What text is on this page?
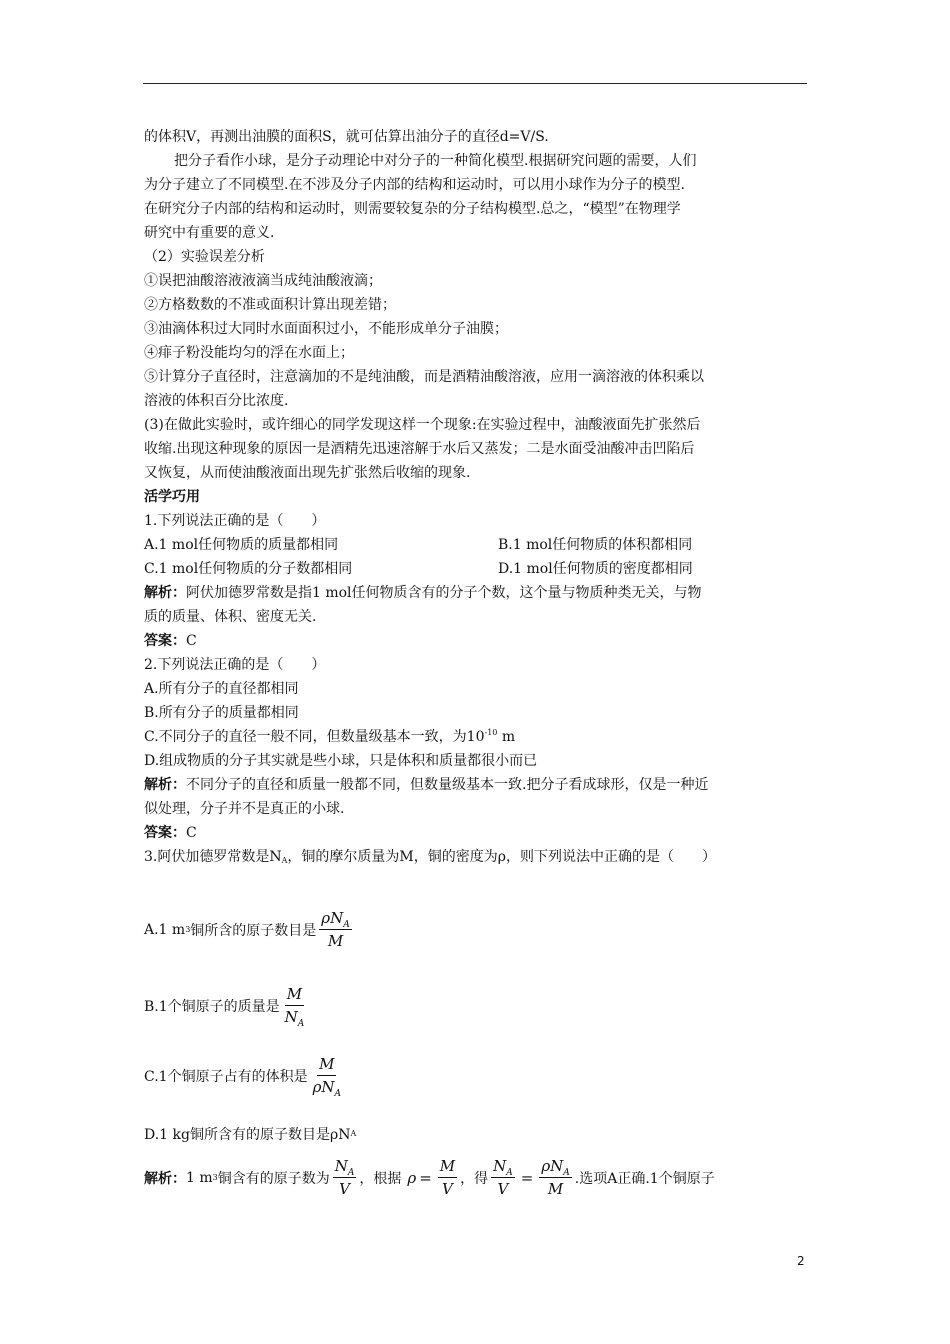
的体积V，再测出油膜的面积S，就可估算出油分子的直径d=V/S.

把分子看作小球，是分子动理论中对分子的一种简化模型.根据研究问题的需要，人们

为分子建立了不同模型.在不涉及分子内部的结构和运动时，可以用小球作为分子的模型.

在研究分子内部的结构和运动时，则需要较复杂的分子结构模型.总之，“模型”在物理学

研究中有重要的意义.

（2）实验误差分析

①误把油酸溶液液滴当成纯油酸液滴；

②方格数数的不准或面积计算出现差错；

③油滴体积过大同时水面面积过小，不能形成单分子油膜；

④痱子粉没能均匀的浮在水面上；

⑤计算分子直径时，注意滴加的不是纯油酸，而是酒精油酸溶液，应用一滴溶液的体积乘以

溶液的体积百分比浓度.

(3)在做此实验时，或许细心的同学发现这样一个现象:在实验过程中，油酸液面先扩张然后

收缩.出现这种现象的原因一是酒精先迅速溶解于水后又蒸发；二是水面受油酸冲击凹陷后

又恢复，从而使油酸液面出现先扩张然后收缩的现象.

活学巧用

1.下列说法正确的是（　　）

A.1 mol任何物质的质量都相同	B.1 mol任何物质的体积都相同

C.1 mol任何物质的分子数都相同	D.1 mol任何物质的密度都相同

解析：阿伏加德罗常数是指1 mol任何物质含有的分子个数，这个量与物质种类无关，与物

质的质量、体积、密度无关.

答案：C

2.下列说法正确的是（　　）

A.所有分子的直径都相同

B.所有分子的质量都相同

C.不同分子的直径一般不同，但数量级基本一致，为$10^{-10}$ m

D.组成物质的分子其实就是些小球，只是体积和质量都很小而已

解析：不同分子的直径和质量一般都不同，但数量级基本一致.把分子看成球形，仅是一种近

似处理，分子并不是真正的小球.

答案：C

3.阿伏加德罗常数是$N_A$，铜的摩尔质量为M，铜的密度为ρ，则下列说法中正确的是（　　）

A.1 m 3 铜所含的原子数目是 $\frac{\rho N_A}{M}$
B.1个铜原子的质量是 $\frac{M}{N_A}$
C.1个铜原子占有的体积是 $\frac{M}{\rho N_A}$
D.1 kg铜所含有的原子数目是ρN A
解析： 1 m 3 铜含有的原子数为 $\frac{N_A}{V}$ ，根据 $\rho = \frac{M}{V}$ ，得 $\frac{N_A}{V} = \frac{\rho N_A}{M}$ .选项A正确.1个铜原子
2
